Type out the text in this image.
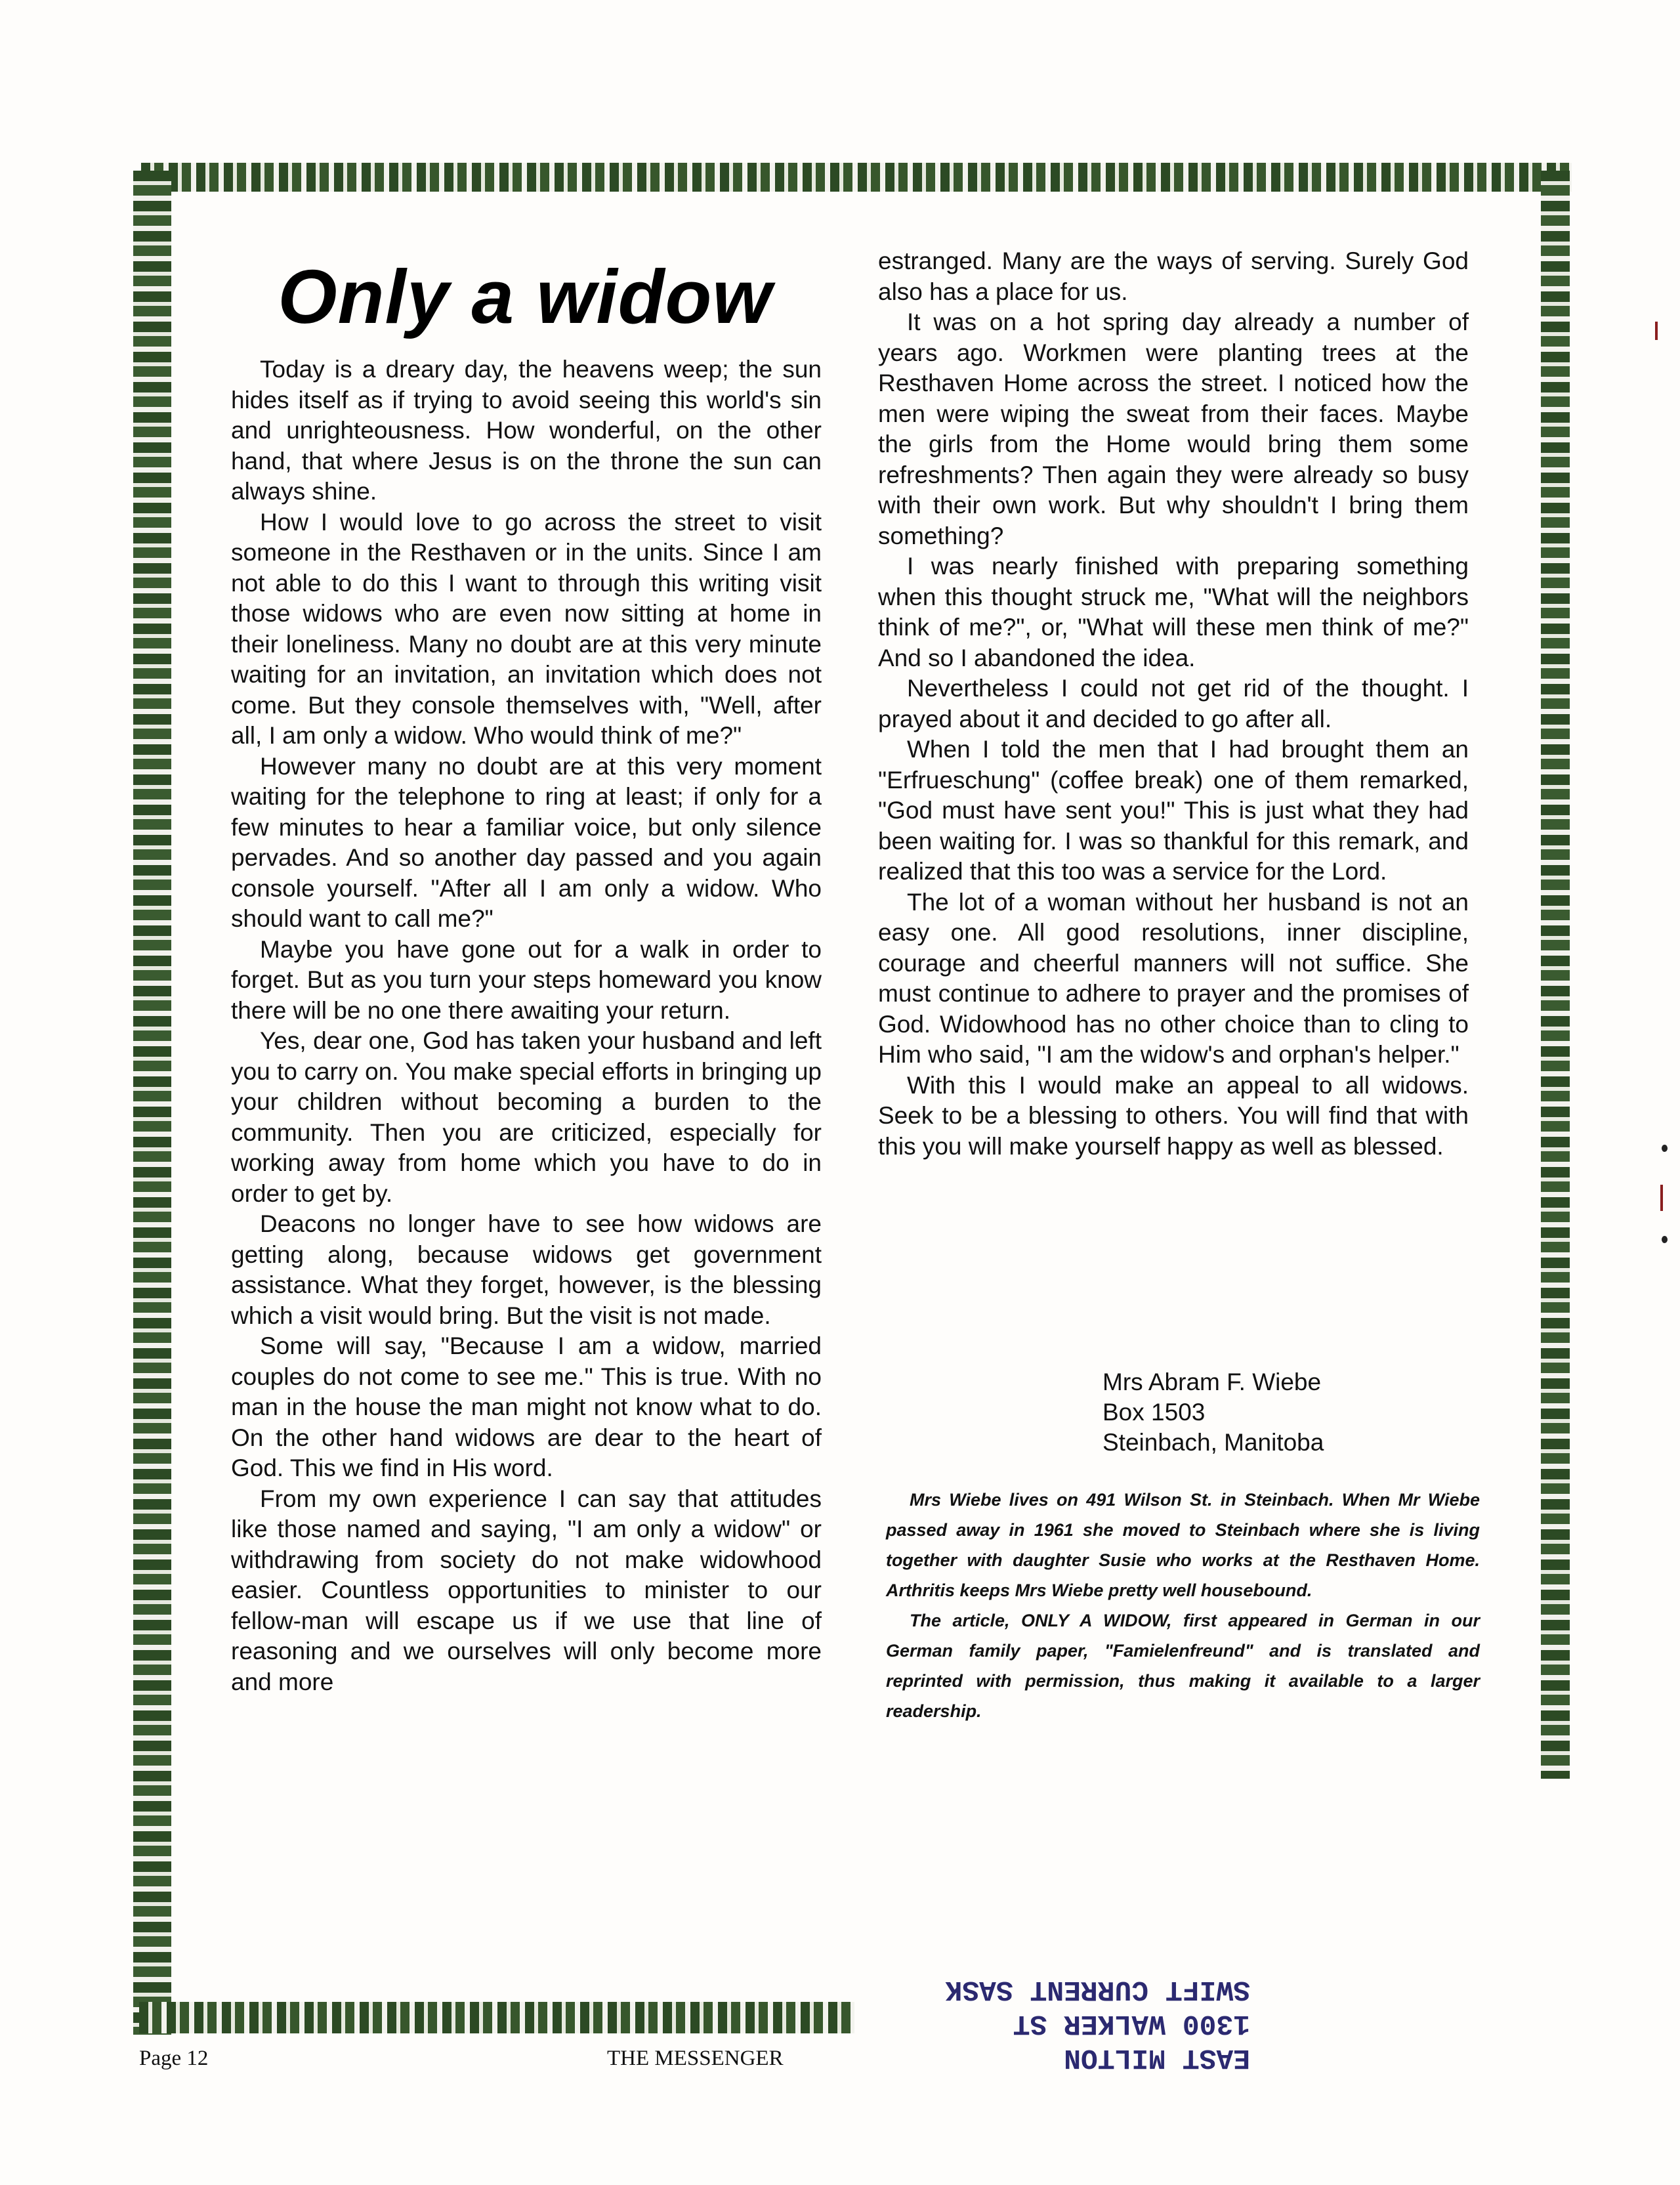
Only a widow

Today is a dreary day, the heavens weep; the sun hides itself as if trying to avoid seeing this world's sin and unrighteousness. How wonderful, on the other hand, that where Jesus is on the throne the sun can always shine.

How I would love to go across the street to visit someone in the Resthaven or in the units. Since I am not able to do this I want to through this writing visit those widows who are even now sitting at home in their loneliness. Many no doubt are at this very minute waiting for an invitation, an invitation which does not come. But they console themselves with, "Well, after all, I am only a widow. Who would think of me?"

However many no doubt are at this very moment waiting for the telephone to ring at least; if only for a few minutes to hear a familiar voice, but only silence pervades. And so another day passed and you again console yourself. "After all I am only a widow. Who should want to call me?"

Maybe you have gone out for a walk in order to forget. But as you turn your steps homeward you know there will be no one there awaiting your return.

Yes, dear one, God has taken your husband and left you to carry on. You make special efforts in bringing up your children without becoming a burden to the community. Then you are criticized, especially for working away from home which you have to do in order to get by.

Deacons no longer have to see how widows are getting along, because widows get government assistance. What they forget, however, is the blessing which a visit would bring. But the visit is not made.

Some will say, "Because I am a widow, married couples do not come to see me." This is true. With no man in the house the man might not know what to do. On the other hand widows are dear to the heart of God. This we find in His word.

From my own experience I can say that attitudes like those named and saying, "I am only a widow" or withdrawing from society do not make widowhood easier. Countless opportunities to minister to our fellow-man will escape us if we use that line of reasoning and we ourselves will only become more and more

estranged. Many are the ways of serving. Surely God also has a place for us.

It was on a hot spring day already a number of years ago. Workmen were planting trees at the Resthaven Home across the street. I noticed how the men were wiping the sweat from their faces. Maybe the girls from the Home would bring them some refreshments? Then again they were already so busy with their own work. But why shouldn't I bring them something?

I was nearly finished with preparing something when this thought struck me, "What will the neighbors think of me?", or, "What will these men think of me?" And so I abandoned the idea.

Nevertheless I could not get rid of the thought. I prayed about it and decided to go after all.

When I told the men that I had brought them an "Erfrueschung" (coffee break) one of them remarked, "God must have sent you!" This is just what they had been waiting for. I was so thankful for this remark, and realized that this too was a service for the Lord.

The lot of a woman without her husband is not an easy one. All good resolutions, inner discipline, courage and cheerful manners will not suffice. She must continue to adhere to prayer and the promises of God. Widowhood has no other choice than to cling to Him who said, "I am the widow's and orphan's helper."

With this I would make an appeal to all widows. Seek to be a blessing to others. You will find that with this you will make yourself happy as well as blessed.

Mrs Abram F. Wiebe
Box 1503
Steinbach, Manitoba

Mrs Wiebe lives on 491 Wilson St. in Steinbach. When Mr Wiebe passed away in 1961 she moved to Steinbach where she is living together with daughter Susie who works at the Resthaven Home. Arthritis keeps Mrs Wiebe pretty well housebound.

The article, ONLY A WIDOW, first appeared in German in our German family paper, "Famielenfreund" and is translated and reprinted with permission, thus making it available to a larger readership.

Page 12	THE MESSENGER	EAST MILTON
1300 WALKER ST
SWIFT CURRENT SASK
